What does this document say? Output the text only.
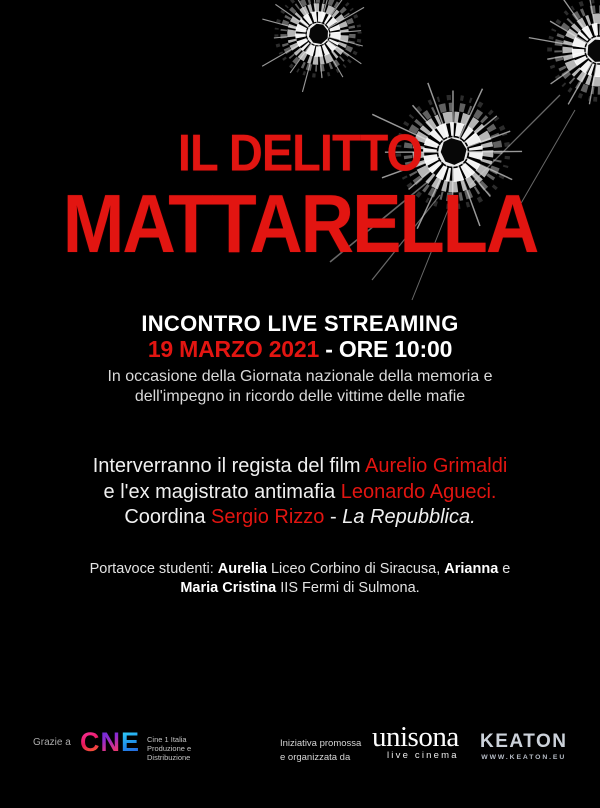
IL DELITTO
MATTARELLA
INCONTRO LIVE STREAMING
19 MARZO 2021 - ORE 10:00
In occasione della Giornata nazionale della memoria e
dell'impegno in ricordo delle vittime delle mafie
Interverranno il regista del film Aurelio Grimaldi
e l'ex magistrato antimafia Leonardo Agueci.
Coordina Sergio Rizzo - La Repubblica.
Portavoce studenti: Aurelia Liceo Corbino di Siracusa, Arianna e
Maria Cristina IIS Fermi di Sulmona.
Grazie a CNE Cine 1 Italia
Produzione e
Distribuzione
Iniziativa promossa
e organizzata da
unisona
live cinema
KEATON
WWW.KEATON.EU
